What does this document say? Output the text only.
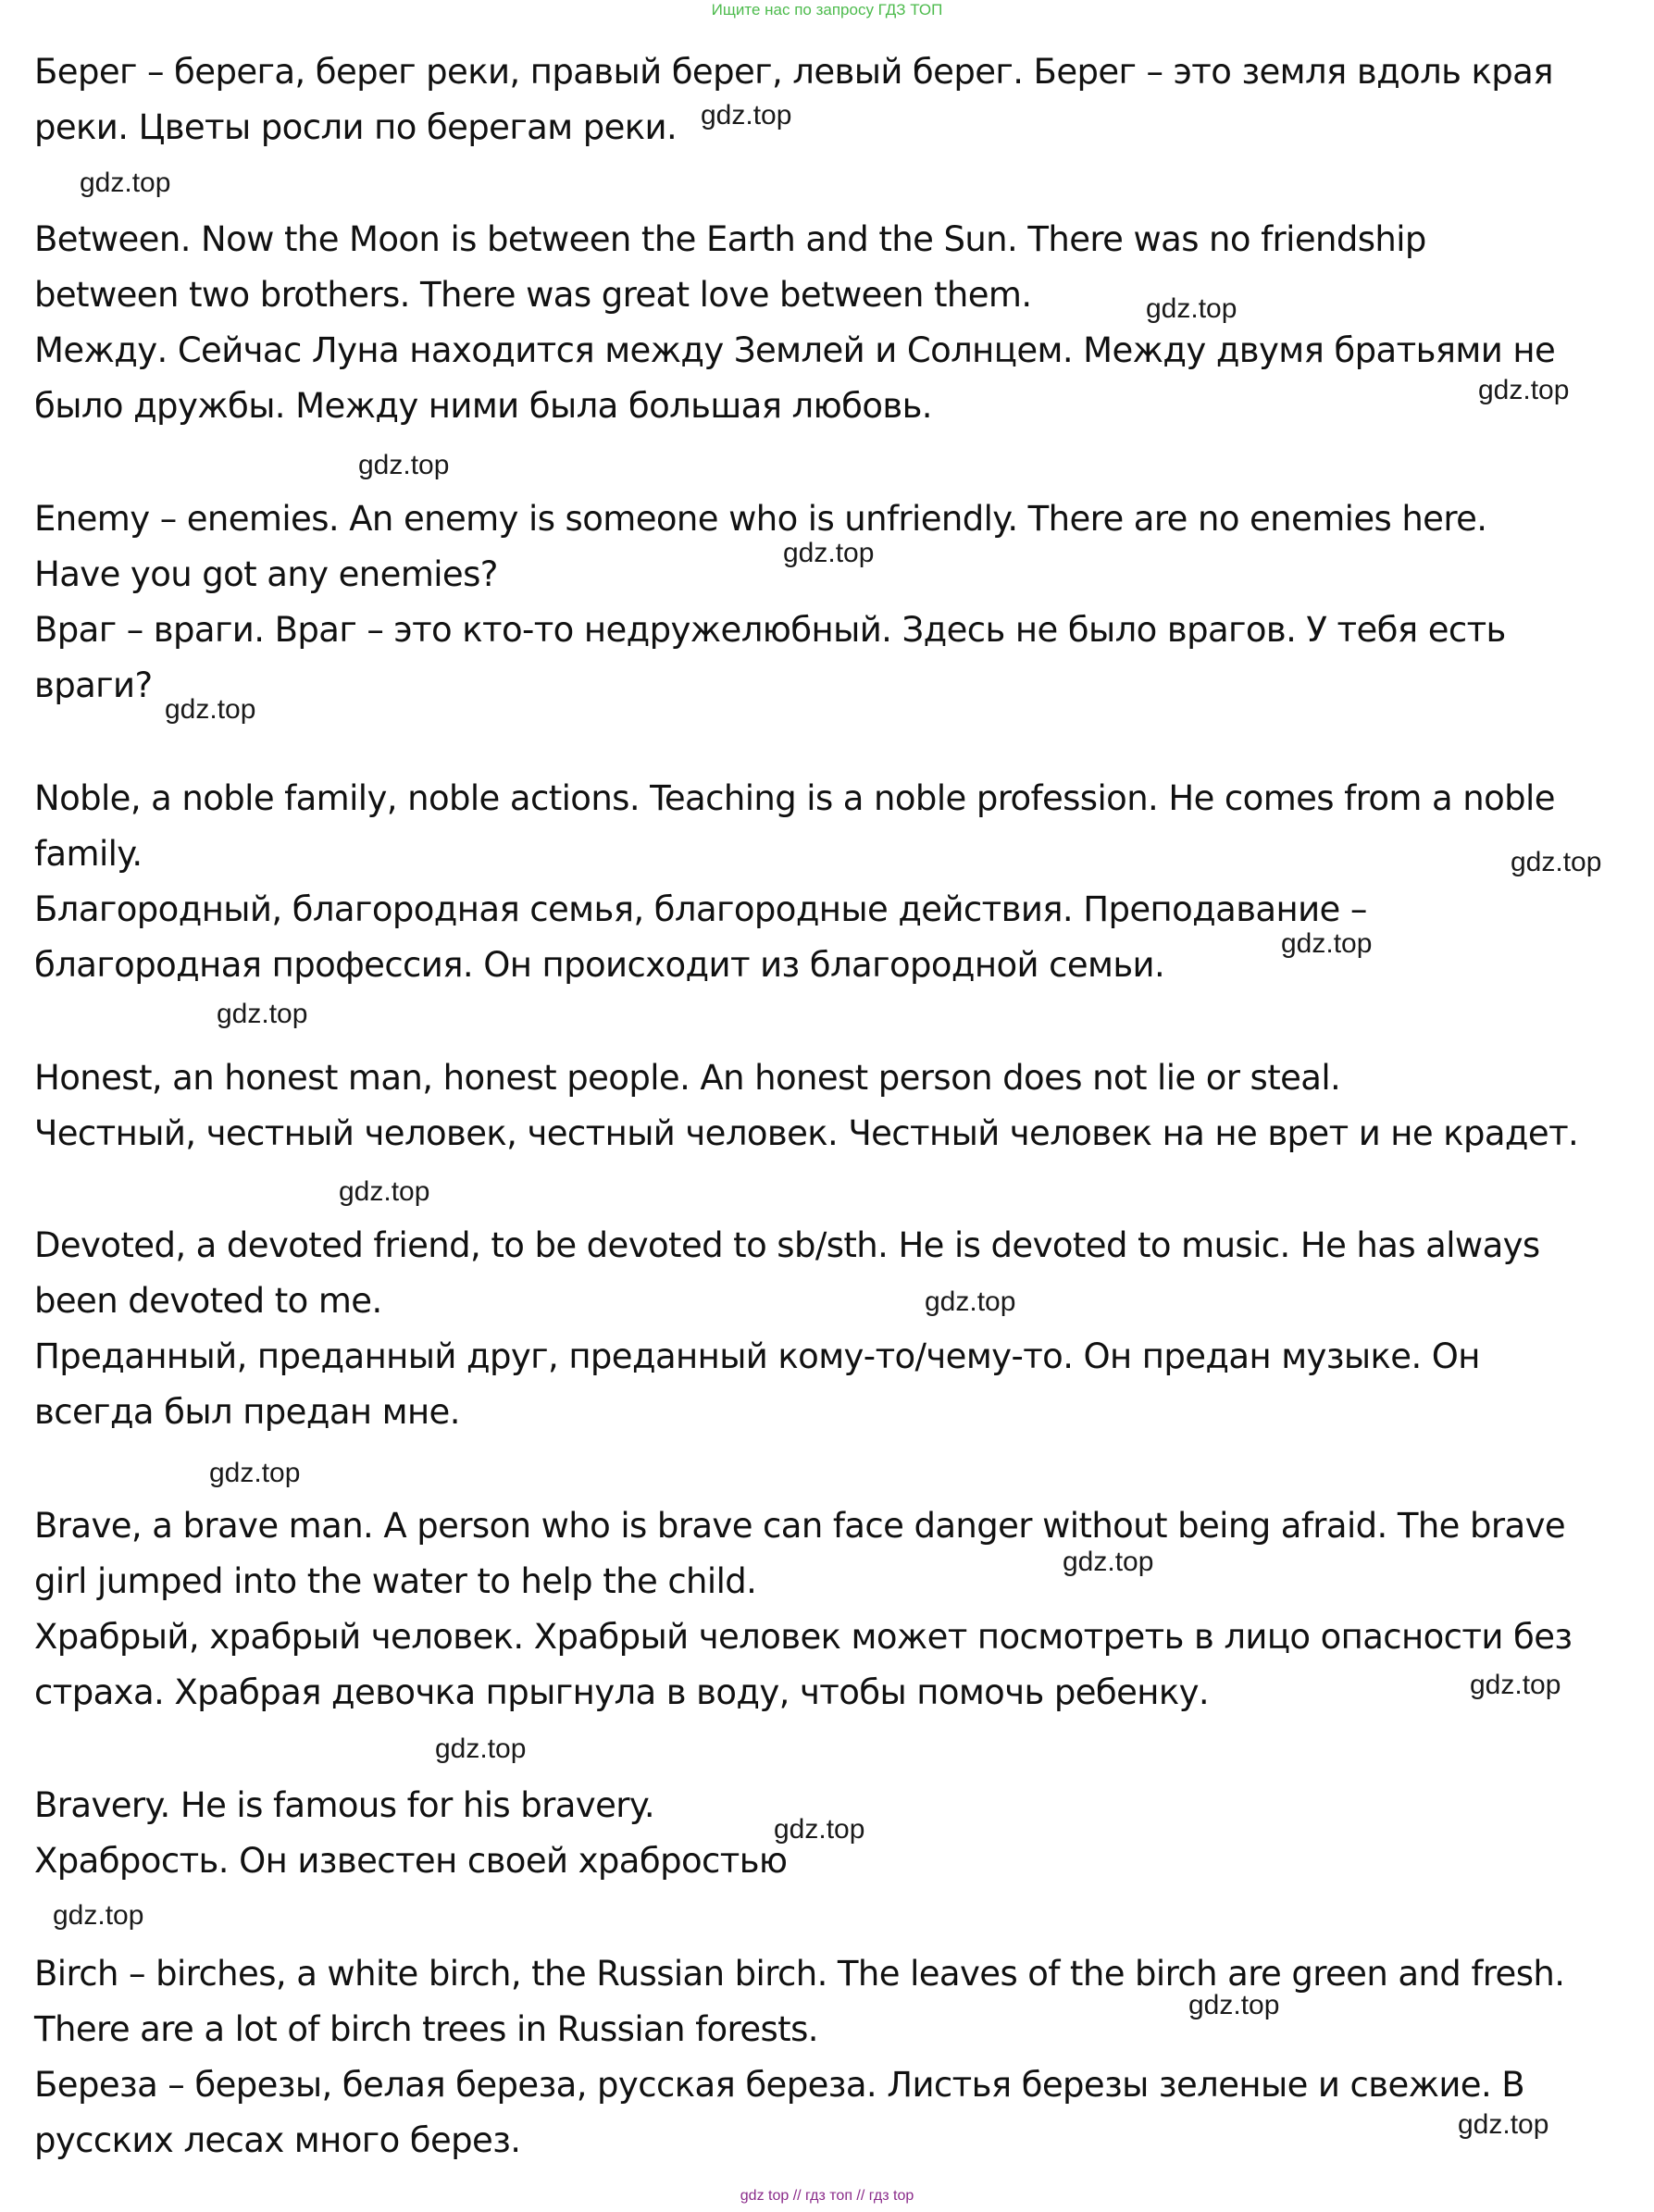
Ищите нас по запросу ГДЗ ТОП
Берег – берега, берег реки, правый берег, левый берег. Берег – это земля вдоль края
реки. Цветы росли по берегам реки.
Between. Now the Moon is between the Earth and the Sun. There was no friendship
between two brothers. There was great love between them.
Между. Сейчас Луна находится между Землей и Солнцем. Между двумя братьями не
было дружбы. Между ними была большая любовь.
Enemy – enemies. An enemy is someone who is unfriendly. There are no enemies here.
Have you got any enemies?
Враг – враги. Враг – это кто-то недружелюбный. Здесь не было врагов. У тебя есть
враги?
Noble, a noble family, noble actions. Teaching is a noble profession. He comes from a noble
family.
Благородный, благородная семья, благородные действия. Преподавание –
благородная профессия. Он происходит из благородной семьи.
Honest, an honest man, honest people. An honest person does not lie or steal.
Честный, честный человек, честный человек. Честный человек на не врет и не крадет.
Devoted, a devoted friend, to be devoted to sb/sth. He is devoted to music. He has always
been devoted to me.
Преданный, преданный друг, преданный кому-то/чему-то. Он предан музыке. Он
всегда был предан мне.
Brave, a brave man. A person who is brave can face danger without being afraid. The brave
girl jumped into the water to help the child.
Храбрый, храбрый человек. Храбрый человек может посмотреть в лицо опасности без
страха. Храбрая девочка прыгнула в воду, чтобы помочь ребенку.
Bravery. He is famous for his bravery.
Храбрость. Он известен своей храбростью
Birch – birches, a white birch, the Russian birch. The leaves of the birch are green and fresh.
There are a lot of birch trees in Russian forests.
Береза – березы, белая береза, русская береза. Листья березы зеленые и свежие. В
русских лесах много берез.
gdz.top
gdz.top
gdz.top
gdz.top
gdz.top
gdz.top
gdz.top
gdz.top
gdz.top
gdz.top
gdz.top
gdz.top
gdz.top
gdz.top
gdz.top
gdz.top
gdz.top
gdz.top
gdz.top
gdz.top
gdz top // гдз топ // гдз top
